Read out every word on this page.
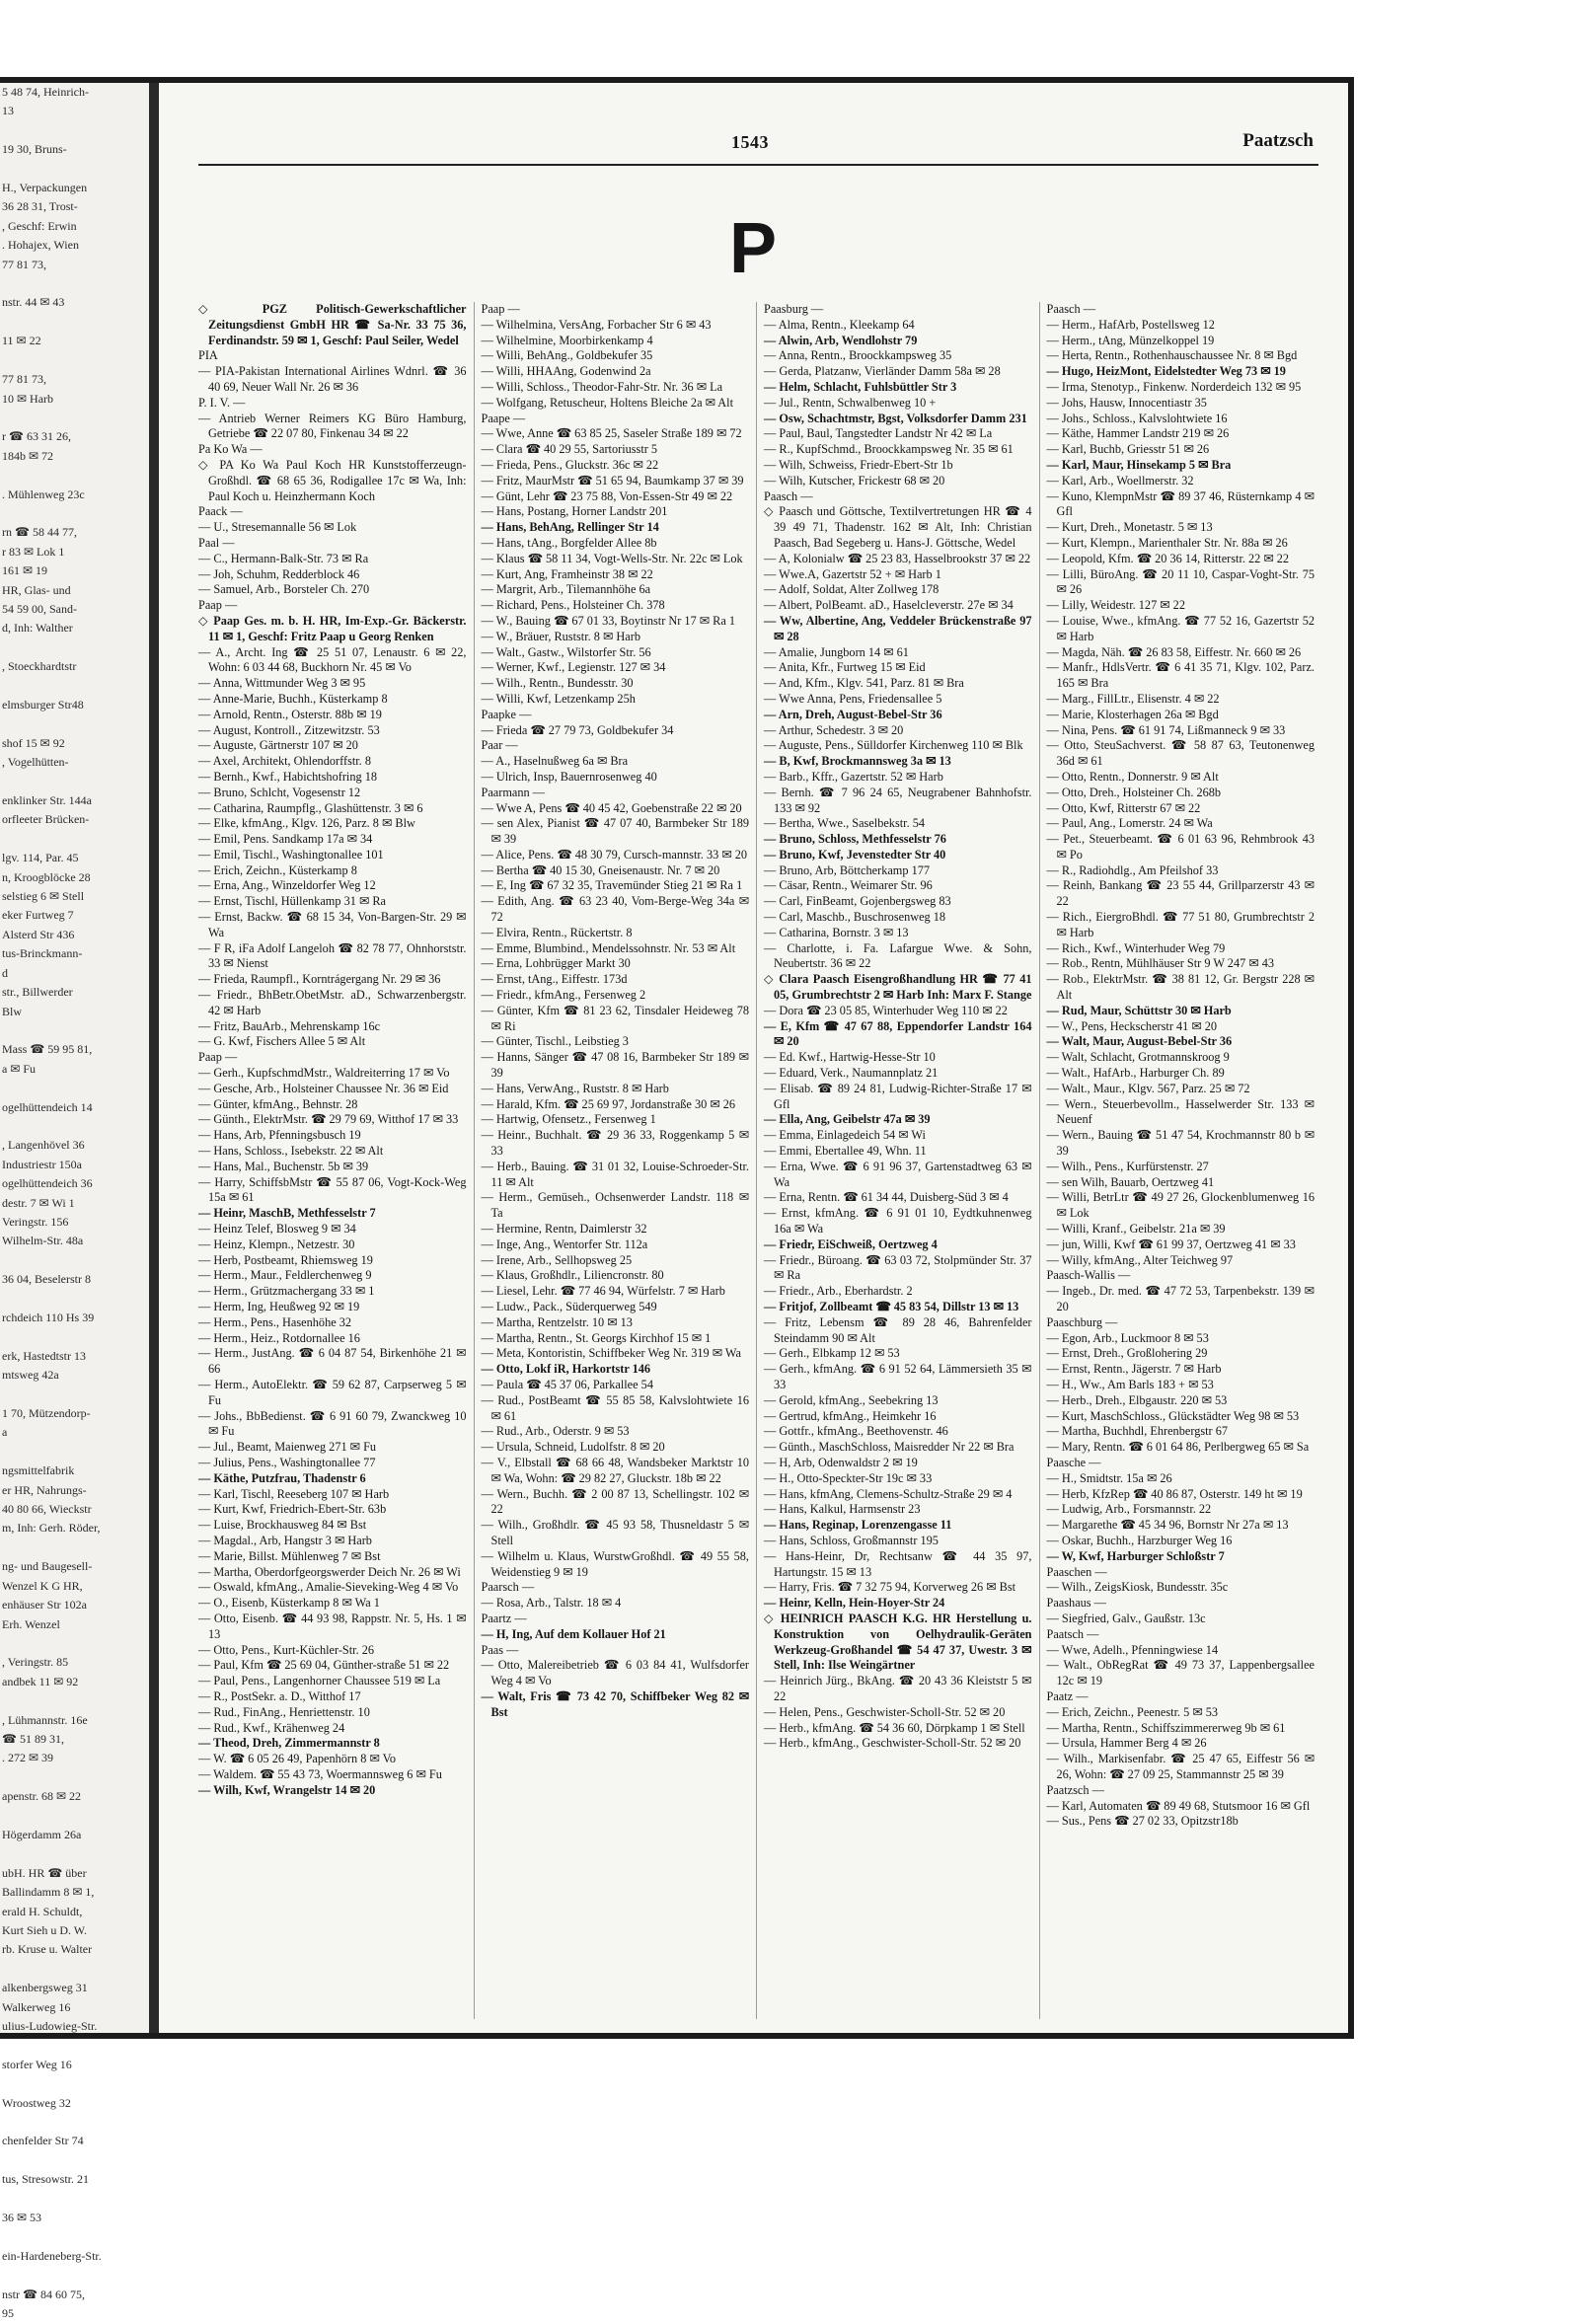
5 48 74, Heinrich-
13

19 30, Bruns-

H., Verpackungen
36 28 31, Trost-
, Geschf: Erwin
. Hohajex, Wien
77 81 73,

nstr. 44 ✉ 43

11 ✉ 22

77 81 73,
10 ✉ Harb

r ☎ 63 31 26,
184b ✉ 72

. Mühlenweg 23c

rn ☎ 58 44 77,
r 83 ✉ Lok 1
161 ✉ 19
HR, Glas- und
54 59 00, Sand-
d, Inh: Walther

, Stoeckhardtstr

elmsburger Str48

shof 15 ✉ 92
, Vogelhütten-

enklinker Str. 144a
orfleeter Brücken-

lgv. 114, Par. 45
n, Kroogblöcke 28
selstieg 6 ✉ Stell
eker Furtweg 7
Alsterd Str 436
tus-Brinckmann-
d
str., Billwerder
Blw

Mass ☎ 59 95 81,
a ✉ Fu

ogelhüttendeich 14

, Langenhövel 36
Industriestr 150a
ogelhüttendeich 36
destr. 7 ✉ Wi 1
Veringstr. 156
Wilhelm-Str. 48a

36 04, Beselerstr 8

rchdeich 110 Hs 39

erk, Hastedtstr 13
mtsweg 42a

1 70, Mützendorp-
a

ngsmittelfabrik
er HR, Nahrungs-
40 80 66, Wieckstr
m, Inh: Gerh. Röder,

ng- und Baugesell-
Wenzel K G HR,
enhäuser Str 102a
Erh. Wenzel

, Veringstr. 85
andbek 11 ✉ 92

, Lühmannstr. 16e
☎ 51 89 31,
. 272 ✉ 39

apenstr. 68 ✉ 22

Högerdamm 26a

ubH. HR ☎ über
Ballindamm 8 ✉ 1,
erald H. Schuldt,
Kurt Sieh u D. W.
rb. Kruse u. Walter

alkenbergsweg 31
Walkerweg 16
ulius-Ludowieg-Str.

storfer Weg 16

Wroostweg 32

chenfelder Str 74

tus, Stresowstr. 21

36 ✉ 53

ein-Hardeneberg-Str.

nstr ☎ 84 60 75,
95
1543	Paatzsch
P
◇ PGZ Politisch-Gewerkschaftlicher Zeitungsdienst GmbH HR ☎ Sa-Nr. 33 75 36, Ferdinandstr. 59 ✉ 1, Geschf: Paul Seiler, Wedel
PIA
— PIA-Pakistan International Airlines Wdnrl. ☎ 36 40 69, Neuer Wall Nr. 26 ✉ 36
P. I. V. —
— Antrieb Werner Reimers KG Büro Hamburg, Getriebe ☎ 22 07 80, Finkenau 34 ✉ 22
Pa Ko Wa —
◇ PA Ko Wa Paul Koch HR Kunststofferzeugn-Großhdl. ☎ 68 65 36, Rodigallee 17c ✉ Wa, Inh: Paul Koch u. Heinzhermann Koch
Paack —
— U., Stresemannalle 56 ✉ Lok
Paal —
— C., Hermann-Balk-Str. 73 ✉ Ra
— Joh, Schuhm, Redderblock 46
— Samuel, Arb., Borsteler Ch. 270
Paap —
◇ Paap Ges. m. b. H. HR, Im-Exp.-Gr. Bäckerstr. 11 ✉ 1, Geschf: Fritz Paap u Georg Renken
— A., Archt. Ing ☎ 25 51 07, Lenaustr. 6 ✉ 22, Wohn: 6 03 44 68, Buckhorn Nr. 45 ✉ Vo
— Anna, Wittmunder Weg 3 ✉ 95
— Anne-Marie, Buchh., Küsterkamp 8
— Arnold, Rentn., Osterstr. 88b ✉ 19
— August, Kontroll., Zitzewitzstr. 53
— Auguste, Gärtnerstr 107 ✉ 20
— Axel, Architekt, Ohlendorffstr. 8
— Bernh., Kwf., Habichtshofring 18
— Bruno, Schlcht, Vogesenstr 12
— Catharina, Raumpflg., Glashüttenstr. 3 ✉ 6
— Elke, kfmAng., Klgv. 126, Parz. 8 ✉ Blw
— Emil, Pens. Sandkamp 17a ✉ 34
— Emil, Tischl., Washingtonallee 101
— Erich, Zeichn., Küsterkamp 8
— Erna, Ang., Winzeldorfer Weg 12
— Ernst, Tischl, Hüllenkamp 31 ✉ Ra
— Ernst, Backw. ☎ 68 15 34, Von-Bargen-Str. 29 ✉ Wa
— F R, iFa Adolf Langeloh ☎ 82 78 77, Ohnhorststr. 33 ✉ Nienst
— Frieda, Raumpfl., Korntrágergang Nr. 29 ✉ 36
— Friedr., BhBetr.ObetMstr. aD., Schwarzenbergstr. 42 ✉ Harb
— Fritz, BauArb., Mehrenskamp 16c
— G. Kwf, Fischers Allee 5 ✉ Alt
Paap —
— Gerh., KupfschmdMstr., Waldreiterring 17 ✉ Vo
— Gesche, Arb., Holsteiner Chaussee Nr. 36 ✉ Eid
— Günter, kfmAng., Behnstr. 28
— Günth., ElektrMstr. ☎ 29 79 69, Witthof 17 ✉ 33
— Hans, Arb, Pfenningsbusch 19
— Hans, Schloss., Isebekstr. 22 ✉ Alt
— Hans, Mal., Buchenstr. 5b ✉ 39
— Harry, SchiffsbMstr ☎ 55 87 06, Vogt-Kock-Weg 15a ✉ 61
— Heinr, MaschB, Methfesselstr 7
— Heinz Telef, Blosweg 9 ✉ 34
— Heinz, Klempn., Netzestr. 30
— Herb, Postbeamt, Rhiemsweg 19
— Herm., Maur., Feldlerchenweg 9
— Herm., Grützmachergang 33 ✉ 1
— Herm, Ing, Heußweg 92 ✉ 19
— Herm., Pens., Hasenhöhe 32
— Herm., Heiz., Rotdornallee 16
— Herm., JustAng. ☎ 6 04 87 54, Birkenhöhe 21 ✉ 66
— Herm., AutoElektr. ☎ 59 62 87, Carpserweg 5 ✉ Fu
— Johs., BbBedienst. ☎ 6 91 60 79, Zwanckweg 10 ✉ Fu
— Jul., Beamt, Maienweg 271 ✉ Fu
— Julius, Pens., Washingtonallee 77
— Käthe, Putzfrau, Thadenstr 6
— Karl, Tischl, Reeseberg 107 ✉ Harb
— Kurt, Kwf, Friedrich-Ebert-Str. 63b
— Luise, Brockhausweg 84 ✉ Bst
— Magdal., Arb, Hangstr 3 ✉ Harb
— Marie, Billst. Mühlenweg 7 ✉ Bst
— Martha, Oberdorfgeorgswerder Deich Nr. 26 ✉ Wi
— Oswald, kfmAng., Amalie-Sieveking-Weg 4 ✉ Vo
— O., Eisenb, Küsterkamp 8 ✉ Wa 1
— Otto, Eisenb. ☎ 44 93 98, Rappstr. Nr. 5, Hs. 1 ✉ 13
— Otto, Pens., Kurt-Küchler-Str. 26
— Paul, Kfm ☎ 25 69 04, Günther-straße 51 ✉ 22
— Paul, Pens., Langenhorner Chaussee 519 ✉ La
— R., PostSekr. a. D., Witthof 17
— Rud., FinAng., Henriettenstr. 10
— Rud., Kwf., Krähenweg 24
— Theod, Dreh, Zimmermannstr 8
— W. ☎ 6 05 26 49, Papenhörn 8 ✉ Vo
— Waldem. ☎ 55 43 73, Woermannsweg 6 ✉ Fu
— Wilh, Kwf, Wrangelstr 14 ✉ 20
Paap —
— Wilhelmina, VersAng, Forbacher Str 6 ✉ 43
— Wilhelmine, Moorbirkenkamp 4
— Willi, BehAng., Goldbekufer 35
— Willi, HHAAng, Godenwind 2a
— Willi, Schloss., Theodor-Fahr-Str. Nr. 36 ✉ La
— Wolfgang, Retuscheur, Holtens Bleiche 2a ✉ Alt
Paape —
— Wwe, Anne ☎ 63 85 25, Saseler Straße 189 ✉ 72
— Clara ☎ 40 29 55, Sartoriusstr 5
— Frieda, Pens., Gluckstr. 36c ✉ 22
— Fritz, MaurMstr ☎ 51 65 94, Baumkamp 37 ✉ 39
— Günt, Lehr ☎ 23 75 88, Von-Essen-Str 49 ✉ 22
— Hans, Postang, Horner Landstr 201
— Hans, BehAng, Rellinger Str 14
— Hans, tAng., Borgfelder Allee 8b
— Klaus ☎ 58 11 34, Vogt-Wells-Str. Nr. 22c ✉ Lok
— Kurt, Ang, Framheinstr 38 ✉ 22
— Margrit, Arb., Tilemannhöhe 6a
— Richard, Pens., Holsteiner Ch. 378
— W., Bauing ☎ 67 01 33, Boytinstr Nr 17 ✉ Ra 1
— W., Bräuer, Ruststr. 8 ✉ Harb
— Walt., Gastw., Wilstorfer Str. 56
— Werner, Kwf., Legienstr. 127 ✉ 34
— Wilh., Rentn., Bundesstr. 30
— Willi, Kwf, Letzenkamp 25h
Paapke —
— Frieda ☎ 27 79 73, Goldbekufer 34
Paar —
— A., Haselnußweg 6a ✉ Bra
— Ulrich, Insp, Bauernrosenweg 40
Paarmann —
— Wwe A, Pens ☎ 40 45 42, Goebenstraße 22 ✉ 20
— sen Alex, Pianist ☎ 47 07 40, Barmbeker Str 189 ✉ 39
— Alice, Pens. ☎ 48 30 79, Cursch-mannstr. 33 ✉ 20
— Bertha ☎ 40 15 30, Gneisenaustr. Nr. 7 ✉ 20
— E, Ing ☎ 67 32 35, Travemünder Stieg 21 ✉ Ra 1
— Edith, Ang. ☎ 63 23 40, Vom-Berge-Weg 34a ✉ 72
— Elvira, Rentn., Rückertstr. 8
— Emme, Blumbind., Mendelssohnstr. Nr. 53 ✉ Alt
— Erna, Lohbrügger Markt 30
— Ernst, tAng., Eiffestr. 173d
— Friedr., kfmAng., Fersenweg 2
— Günter, Kfm ☎ 81 23 62, Tinsdaler Heideweg 78 ✉ Ri
— Günter, Tischl., Leibstieg 3
— Hanns, Sänger ☎ 47 08 16, Barmbeker Str 189 ✉ 39
— Hans, VerwAng., Ruststr. 8 ✉ Harb
— Harald, Kfm. ☎ 25 69 97, Jordanstraße 30 ✉ 26
— Hartwig, Ofensetz., Fersenweg 1
— Heinr., Buchhalt. ☎ 29 36 33, Roggenkamp 5 ✉ 33
— Herb., Bauing. ☎ 31 01 32, Louise-Schroeder-Str. 11 ✉ Alt
— Herm., Gemüseh., Ochsenwerder Landstr. 118 ✉ Ta
— Hermine, Rentn, Daimlerstr 32
— Inge, Ang., Wentorfer Str. 112a
— Irene, Arb., Sellhopsweg 25
— Klaus, Großhdlr., Liliencronstr. 80
— Liesel, Lehr. ☎ 77 46 94, Würfelstr. 7 ✉ Harb
— Ludw., Pack., Süderquerweg 549
— Martha, Rentzelstr. 10 ✉ 13
— Martha, Rentn., St. Georgs Kirchhof 15 ✉ 1
— Meta, Kontoristin, Schiffbeker Weg Nr. 319 ✉ Wa
— Otto, Lokf iR, Harkortstr 146
— Paula ☎ 45 37 06, Parkallee 54
— Rud., PostBeamt ☎ 55 85 58, Kalvslohtwiete 16 ✉ 61
— Rud., Arb., Oderstr. 9 ✉ 53
— Ursula, Schneid, Ludolfstr. 8 ✉ 20
— V., Elbstall ☎ 68 66 48, Wandsbeker Marktstr 10 ✉ Wa, Wohn: ☎ 29 82 27, Gluckstr. 18b ✉ 22
— Wern., Buchh. ☎ 2 00 87 13, Schellingstr. 102 ✉ 22
— Wilh., Großhdlr. ☎ 45 93 58, Thusneldastr 5 ✉ Stell
— Wilhelm u. Klaus, WurstwGroßhdl. ☎ 49 55 58, Weidenstieg 9 ✉ 19
Paarsch —
— Rosa, Arb., Talstr. 18 ✉ 4
Paartz —
— H, Ing, Auf dem Kollauer Hof 21
Paas —
— Otto, Malereibetrieb ☎ 6 03 84 41, Wulfsdorfer Weg 4 ✉ Vo
— Walt, Fris ☎ 73 42 70, Schiffbeker Weg 82 ✉ Bst
Paasburg —
— Alma, Rentn., Kleekamp 64
— Alwin, Arb, Wendlohstr 79
— Anna, Rentn., Broockkampsweg 35
— Gerda, Platzanw, Vierländer Damm 58a ✉ 28
— Helm, Schlacht, Fuhlsbüttler Str 3
— Jul., Rentn, Schwalbenweg 10 +
— Osw, Schachtmstr, Bgst, Volksdorfer Damm 231
— Paul, Baul, Tangstedter Landstr Nr 42 ✉ La
— R., KupfSchmd., Broockkampsweg Nr. 35 ✉ 61
— Wilh, Schweiss, Friedr-Ebert-Str 1b
— Wilh, Kutscher, Frickestr 68 ✉ 20
Paasch —
◇ Paasch und Göttsche, Textilvertretungen HR ☎ 4 39 49 71, Thadenstr. 162 ✉ Alt, Inh: Christian Paasch, Bad Segeberg u. Hans-J. Göttsche, Wedel
— A, Kolonialw ☎ 25 23 83, Hasselbrookstr 37 ✉ 22
— Wwe.A, Gazertstr 52 + ✉ Harb 1
— Adolf, Soldat, Alter Zollweg 178
— Albert, PolBeamt. aD., Haselcleverstr. 27e ✉ 34
— Ww, Albertine, Ang, Veddeler Brückenstraße 97 ✉ 28
— Amalie, Jungborn 14 ✉ 61
— Anita, Kfr., Furtweg 15 ✉ Eid
— And, Kfm., Klgv. 541, Parz. 81 ✉ Bra
— Wwe Anna, Pens, Friedensallee 5
— Arn, Dreh, August-Bebel-Str 36
— Arthur, Schedestr. 3 ✉ 20
— Auguste, Pens., Sülldorfer Kirchenweg 110 ✉ Blk
— B, Kwf, Brockmannsweg 3a ✉ 13
— Barb., Kffr., Gazertstr. 52 ✉ Harb
— Bernh. ☎ 7 96 24 65, Neugrabener Bahnhofstr. 133 ✉ 92
— Bertha, Wwe., Saselbekstr. 54
— Bruno, Schloss, Methfesselstr 76
— Bruno, Kwf, Jevenstedter Str 40
— Bruno, Arb, Böttcherkamp 177
— Cäsar, Rentn., Weimarer Str. 96
— Carl, FinBeamt, Gojenbergsweg 83
— Carl, Maschb., Buschrosenweg 18
— Catharina, Bornstr. 3 ✉ 13
— Charlotte, i. Fa. Lafargue Wwe. & Sohn, Neubertstr. 36 ✉ 22
◇ Clara Paasch Eisengroßhandlung HR ☎ 77 41 05, Grumbrechtstr 2 ✉ Harb Inh: Marx F. Stange
— Dora ☎ 23 05 85, Winterhuder Weg 110 ✉ 22
— E, Kfm ☎ 47 67 88, Eppendorfer Landstr 164 ✉ 20
— Ed. Kwf., Hartwig-Hesse-Str 10
— Eduard, Verk., Naumannplatz 21
— Elisab. ☎ 89 24 81, Ludwig-Richter-Straße 17 ✉ Gfl
— Ella, Ang, Geibelstr 47a ✉ 39
— Emma, Einlagedeich 54 ✉ Wi
— Emmi, Ebertallee 49, Whn. 11
— Erna, Wwe. ☎ 6 91 96 37, Gartenstadtweg 63 ✉ Wa
— Erna, Rentn. ☎ 61 34 44, Duisberg-Süd 3 ✉ 4
— Ernst, kfmAng. ☎ 6 91 01 10, Eydtkuhnenweg 16a ✉ Wa
— Friedr, EiSchweiß, Oertzweg 4
— Friedr., Büroang. ☎ 63 03 72, Stolpmünder Str. 37 ✉ Ra
— Friedr., Arb., Eberhardstr. 2
— Fritjof, Zollbeamt ☎ 45 83 54, Dillstr 13 ✉ 13
— Fritz, Lebensm ☎ 89 28 46, Bahrenfelder Steindamm 90 ✉ Alt
— Gerh., Elbkamp 12 ✉ 53
— Gerh., kfmAng. ☎ 6 91 52 64, Lämmersieth 35 ✉ 33
— Gerold, kfmAng., Seebekring 13
— Gertrud, kfmAng., Heimkehr 16
— Gottfr., kfmAng., Beethovenstr. 46
— Günth., MaschSchloss, Maisredder Nr 22 ✉ Bra
— H, Arb, Odenwaldstr 2 ✉ 19
— H., Otto-Speckter-Str 19c ✉ 33
— Hans, kfmAng, Clemens-Schultz-Straße 29 ✉ 4
— Hans, Kalkul, Harmsenstr 23
— Hans, Reginap, Lorenzengasse 11
— Hans, Schloss, Großmannstr 195
— Hans-Heinr, Dr, Rechtsanw ☎ 44 35 97, Hartungstr. 15 ✉ 13
— Harry, Fris. ☎ 7 32 75 94, Korverweg 26 ✉ Bst
— Heinr, Kelln, Hein-Hoyer-Str 24
◇ HEINRICH PAASCH K.G. HR Herstellung u. Konstruktion von Oelhydraulik-Geräten Werkzeug-Großhandel ☎ 54 47 37, Uwestr. 3 ✉ Stell, Inh: Ilse Weingärtner
— Heinrich Jürg., BkAng. ☎ 20 43 36 Kleiststr 5 ✉ 22
— Helen, Pens., Geschwister-Scholl-Str. 52 ✉ 20
— Herb., kfmAng. ☎ 54 36 60, Dörpkamp 1 ✉ Stell
— Herb., kfmAng., Geschwister-Scholl-Str. 52 ✉ 20
Paasch —
— Herm., HafArb, Postellsweg 12
— Herm., tAng, Münzelkoppel 19
— Herta, Rentn., Rothenhauschaussee Nr. 8 ✉ Bgd
— Hugo, HeizMont, Eidelstedter Weg 73 ✉ 19
— Irma, Stenotyp., Finkenw. Norderdeich 132 ✉ 95
— Johs, Hausw, Innocentiastr 35
— Johs., Schloss., Kalvslohtwiete 16
— Käthe, Hammer Landstr 219 ✉ 26
— Karl, Buchb, Griesstr 51 ✉ 26
— Karl, Maur, Hinsekamp 5 ✉ Bra
— Karl, Arb., Woellmerstr. 32
— Kuno, KlempnMstr ☎ 89 37 46, Rüsternkamp 4 ✉ Gfl
— Kurt, Dreh., Monetastr. 5 ✉ 13
— Kurt, Klempn., Marienthaler Str. Nr. 88a ✉ 26
— Leopold, Kfm. ☎ 20 36 14, Ritterstr. 22 ✉ 22
— Lilli, BüroAng. ☎ 20 11 10, Caspar-Voght-Str. 75 ✉ 26
— Lilly, Weidestr. 127 ✉ 22
— Louise, Wwe., kfmAng. ☎ 77 52 16, Gazertstr 52 ✉ Harb
— Magda, Näh. ☎ 26 83 58, Eiffestr. Nr. 660 ✉ 26
— Manfr., HdlsVertr. ☎ 6 41 35 71, Klgv. 102, Parz. 165 ✉ Bra
— Marg., FillLtr., Elisenstr. 4 ✉ 22
— Marie, Klosterhagen 26a ✉ Bgd
— Nina, Pens. ☎ 61 91 74, Lißmanneck 9 ✉ 33
— Otto, SteuSachverst. ☎ 58 87 63, Teutonenweg 36d ✉ 61
— Otto, Rentn., Donnerstr. 9 ✉ Alt
— Otto, Dreh., Holsteiner Ch. 268b
— Otto, Kwf, Ritterstr 67 ✉ 22
— Paul, Ang., Lomerstr. 24 ✉ Wa
— Pet., Steuerbeamt. ☎ 6 01 63 96, Rehmbrook 43 ✉ Po
— R., Radiohdlg., Am Pfeilshof 33
— Reinh, Bankang ☎ 23 55 44, Grillparzerstr 43 ✉ 22
— Rich., EiergroBhdl. ☎ 77 51 80, Grumbrechtstr 2 ✉ Harb
— Rich., Kwf., Winterhuder Weg 79
— Rob., Rentn, Mühlhäuser Str 9 W 247 ✉ 43
— Rob., ElektrMstr. ☎ 38 81 12, Gr. Bergstr 228 ✉ Alt
— Rud, Maur, Schüttstr 30 ✉ Harb
— W., Pens, Heckscherstr 41 ✉ 20
— Walt, Maur, August-Bebel-Str 36
— Walt, Schlacht, Grotmannskroog 9
— Walt., HafArb., Harburger Ch. 89
— Walt., Maur., Klgv. 567, Parz. 25 ✉ 72
— Wern., Steuerbevollm., Hasselwerder Str. 133 ✉ Neuenf
— Wern., Bauing ☎ 51 47 54, Krochmannstr 80 b ✉ 39
— Wilh., Pens., Kurfürstenstr. 27
— sen Wilh, Bauarb, Oertzweg 41
— Willi, BetrLtr ☎ 49 27 26, Glockenblumenweg 16 ✉ Lok
— Willi, Kranf., Geibelstr. 21a ✉ 39
— jun, Willi, Kwf ☎ 61 99 37, Oertzweg 41 ✉ 33
— Willy, kfmAng., Alter Teichweg 97
Paasch-Wallis —
— Ingeb., Dr. med. ☎ 47 72 53, Tarpenbekstr. 139 ✉ 20
Paaschburg —
— Egon, Arb., Luckmoor 8 ✉ 53
— Ernst, Dreh., Großlohering 29
— Ernst, Rentn., Jägerstr. 7 ✉ Harb
— H., Ww., Am Barls 183 + ✉ 53
— Herb., Dreh., Elbgaustr. 220 ✉ 53
— Kurt, MaschSchloss., Glückstädter Weg 98 ✉ 53
— Martha, Buchhdl, Ehrenbergstr 67
— Mary, Rentn. ☎ 6 01 64 86, Perlbergweg 65 ✉ Sa
Paasche —
— H., Smidtstr. 15a ✉ 26
— Herb, KfzRep ☎ 40 86 87, Osterstr. 149 ht ✉ 19
— Ludwig, Arb., Forsmannstr. 22
— Margarethe ☎ 45 34 96, Bornstr Nr 27a ✉ 13
— Oskar, Buchh., Harzburger Weg 16
— W, Kwf, Harburger Schloßstr 7
Paaschen —
— Wilh., ZeigsKiosk, Bundesstr. 35c
Paashaus —
— Siegfried, Galv., Gaußstr. 13c
Paatsch —
— Wwe, Adelh., Pfenningwiese 14
— Walt., ObRegRat ☎ 49 73 37, Lappenbergsallee 12c ✉ 19
Paatz —
— Erich, Zeichn., Peenestr. 5 ✉ 53
— Martha, Rentn., Schiffszimmererweg 9b ✉ 61
— Ursula, Hammer Berg 4 ✉ 26
— Wilh., Markisenfabr. ☎ 25 47 65, Eiffestr 56 ✉ 26, Wohn: ☎ 27 09 25, Stammannstr 25 ✉ 39
Paatzsch —
— Karl, Automaten ☎ 89 49 68, Stutsmoor 16 ✉ Gfl
— Sus., Pens ☎ 27 02 33, Opitzstr18b
